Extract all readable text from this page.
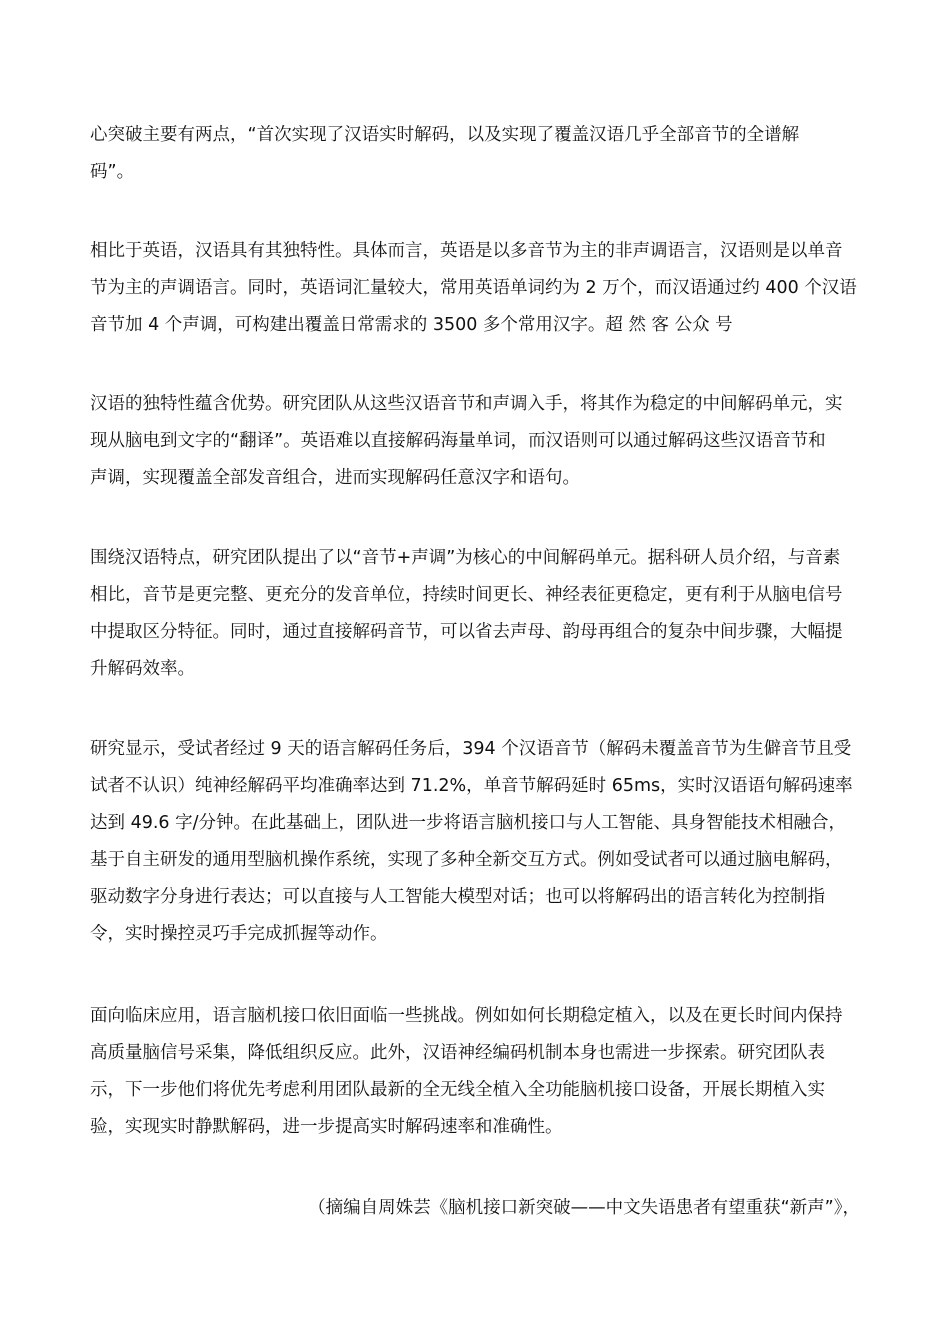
心突破主要有两点，“首次实现了汉语实时解码，以及实现了覆盖汉语几乎全部音节的全谱解
码”。

相比于英语，汉语具有其独特性。具体而言，英语是以多音节为主的非声调语言，汉语则是以单音
节为主的声调语言。同时，英语词汇量较大，常用英语单词约为 2 万个，而汉语通过约 400 个汉语
音节加 4 个声调，可构建出覆盖日常需求的 3500 多个常用汉字。超 然 客 公众 号

汉语的独特性蕴含优势。研究团队从这些汉语音节和声调入手，将其作为稳定的中间解码单元，实
现从脑电到文字的“翻译”。英语难以直接解码海量单词，而汉语则可以通过解码这些汉语音节和
声调，实现覆盖全部发音组合，进而实现解码任意汉字和语句。

围绕汉语特点，研究团队提出了以“音节+声调”为核心的中间解码单元。据科研人员介绍，与音素
相比，音节是更完整、更充分的发音单位，持续时间更长、神经表征更稳定，更有利于从脑电信号
中提取区分特征。同时，通过直接解码音节，可以省去声母、韵母再组合的复杂中间步骤，大幅提
升解码效率。

研究显示，受试者经过 9 天的语言解码任务后，394 个汉语音节（解码未覆盖音节为生僻音节且受
试者不认识）纯神经解码平均准确率达到 71.2%，单音节解码延时 65ms，实时汉语语句解码速率
达到 49.6 字/分钟。在此基础上，团队进一步将语言脑机接口与人工智能、具身智能技术相融合，
基于自主研发的通用型脑机操作系统，实现了多种全新交互方式。例如受试者可以通过脑电解码，
驱动数字分身进行表达；可以直接与人工智能大模型对话；也可以将解码出的语言转化为控制指
令，实时操控灵巧手完成抓握等动作。

面向临床应用，语言脑机接口依旧面临一些挑战。例如如何长期稳定植入，以及在更长时间内保持
高质量脑信号采集，降低组织反应。此外，汉语神经编码机制本身也需进一步探索。研究团队表
示，下一步他们将优先考虑利用团队最新的全无线全植入全功能脑机接口设备，开展长期植入实
验，实现实时静默解码，进一步提高实时解码速率和准确性。

（摘编自周姝芸《脑机接口新突破——中文失语患者有望重获“新声”》，
